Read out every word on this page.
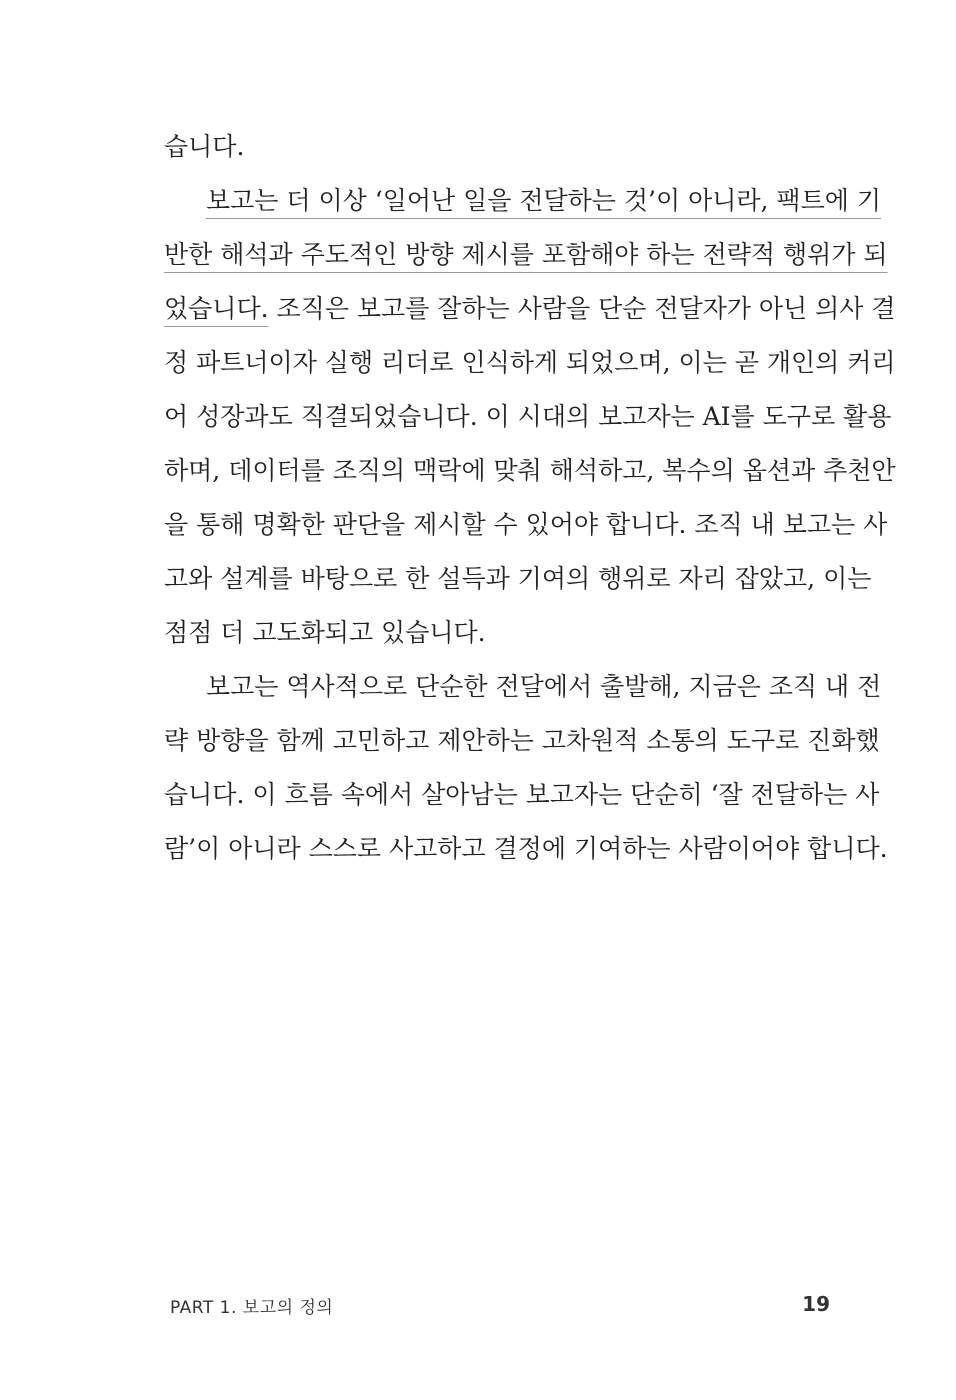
습니다.
보고는 더 이상 ‘일어난 일을 전달하는 것’이 아니라, 팩트에 기
반한 해석과 주도적인 방향 제시를 포함해야 하는 전략적 행위가 되
었습니다. 조직은 보고를 잘하는 사람을 단순 전달자가 아닌 의사 결
정 파트너이자 실행 리더로 인식하게 되었으며, 이는 곧 개인의 커리
어 성장과도 직결되었습니다. 이 시대의 보고자는 AI를 도구로 활용
하며, 데이터를 조직의 맥락에 맞춰 해석하고, 복수의 옵션과 추천안
을 통해 명확한 판단을 제시할 수 있어야 합니다. 조직 내 보고는 사
고와 설계를 바탕으로 한 설득과 기여의 행위로 자리 잡았고, 이는
점점 더 고도화되고 있습니다.
보고는 역사적으로 단순한 전달에서 출발해, 지금은 조직 내 전
략 방향을 함께 고민하고 제안하는 고차원적 소통의 도구로 진화했
습니다. 이 흐름 속에서 살아남는 보고자는 단순히 ‘잘 전달하는 사
람’이 아니라 스스로 사고하고 결정에 기여하는 사람이어야 합니다.
PART 1. 보고의 정의	19
